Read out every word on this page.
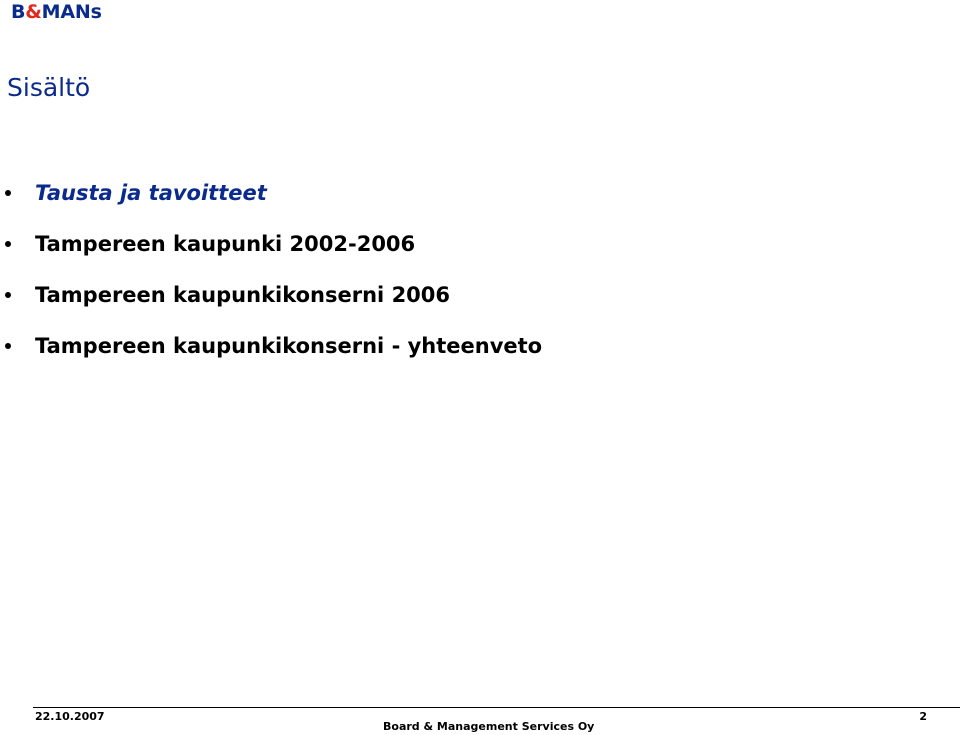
B&MANs
Sisältö
Tausta ja tavoitteet
Tampereen kaupunki 2002-2006
Tampereen kaupunkikonserni 2006
Tampereen kaupunkikonserni - yhteenveto
22.10.2007
Board & Management Services Oy
2
